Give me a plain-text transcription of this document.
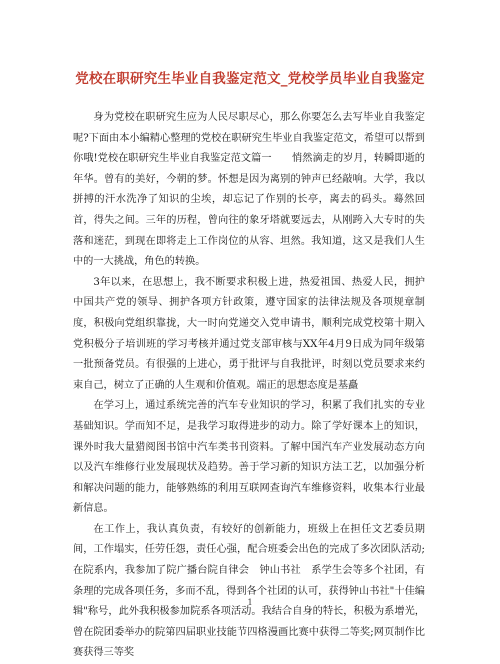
党校在职研究生毕业自我鉴定范文_党校学员毕业自我鉴定

身为党校在职研究生应为人民尽职尽心，那么你要怎么去写毕业自我鉴定呢?下面由本小编精心整理的党校在职研究生毕业自我鉴定范文，希望可以帮到你哦!党校在职研究生毕业自我鉴定范文篇一　　悄然滴走的岁月，转瞬即逝的年华。曾有的美好，今朝的梦。怀想是因为离别的钟声已经敲响。大学，我以拼搏的汗水洗净了知识的尘埃，却忘记了作别的长亭，离去的码头。蓦然回首，得失之间。三年的历程，曾向往的象牙塔就要远去，从刚跨入大专时的失落和迷茫，到现在即将走上工作岗位的从容、坦然。我知道，这又是我们人生中的一大挑战，角色的转换。

3年以来，在思想上，我不断要求积极上进，热爱祖国、热爱人民，拥护中国共产党的领导、拥护各项方针政策，遵守国家的法律法规及各项规章制度，积极向党组织靠拢，大一时向党递交入党申请书，顺利完成党校第十期入党积极分子培训班的学习考核并通过党支部审核与XX年4月9日成为同年级第一批预备党员。有很强的上进心，勇于批评与自我批评，时刻以党员要求来约束自己，树立了正确的人生观和价值观。端正的思想态度是基矗

在学习上，通过系统完善的汽车专业知识的学习，积累了我们扎实的专业基础知识。学而知不足，是我学习取得进步的动力。除了学好课本上的知识，课外时我大量猎阅图书馆中汽车类书刊资料。了解中国汽车产业发展动态方向以及汽车维修行业发展现状及趋势。善于学习新的知识方法工艺，以加强分析和解决问题的能力，能够熟练的利用互联网查询汽车维修资料，收集本行业最新信息。

在工作上，我认真负责，有较好的创新能力，班级上在担任文艺委员期间，工作塌实，任劳任怨，责任心强，配合班委会出色的完成了多次团队活动;在院系内，我参加了院广播台院自律会　钟山书社　系学生会等多个社团，有条理的完成各项任务，多而不乱，得到各个社团的认可，获得钟山书社"十佳编辑"称号，此外我积极参加院系各项活动。我结合自身的特长，积极为系增光，曾在院团委举办的院第四届职业技能节四格漫画比赛中获得二等奖;网页制作比赛获得三等奖

1
